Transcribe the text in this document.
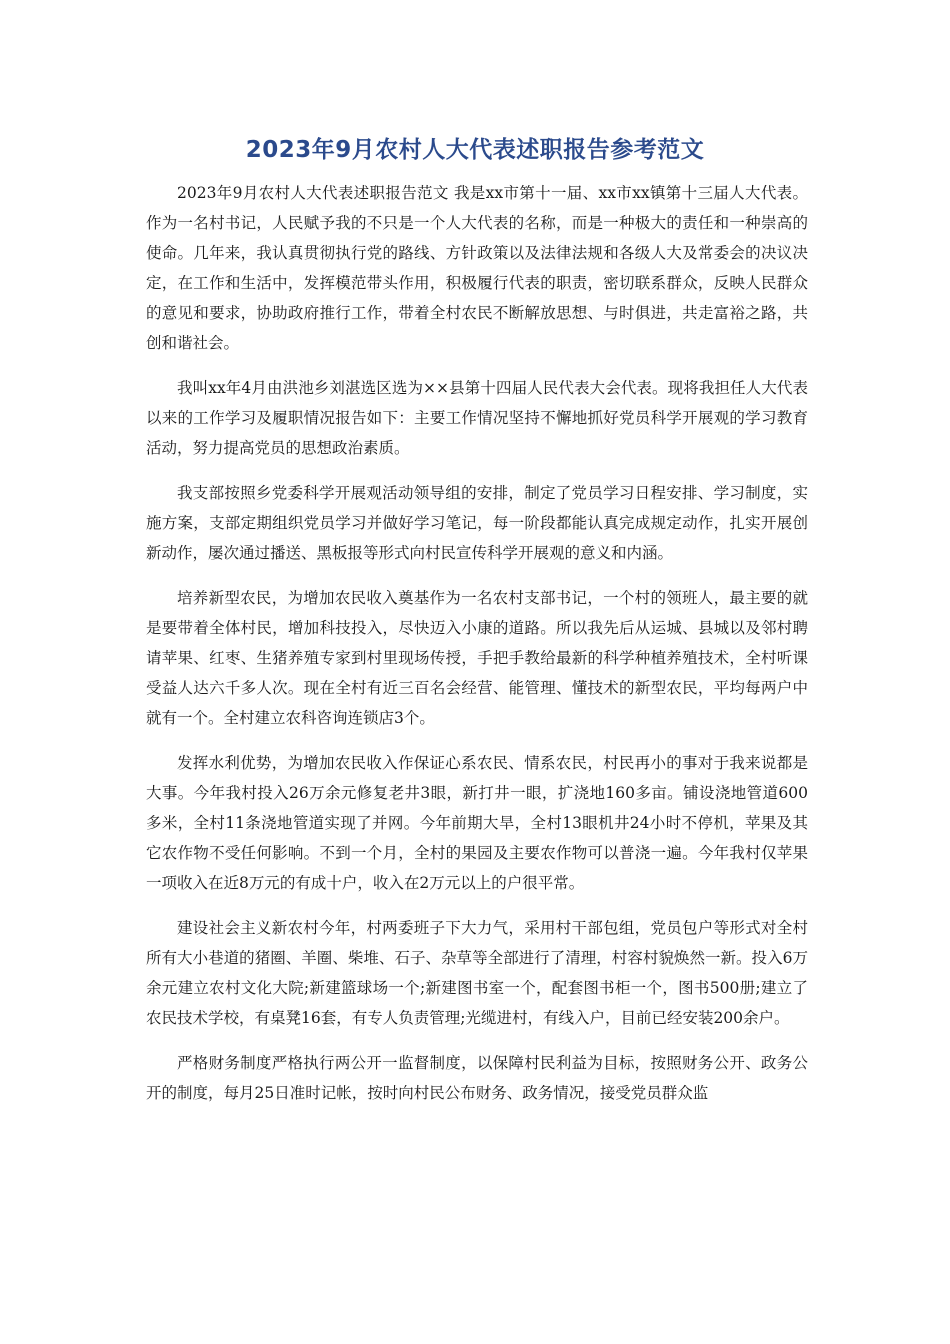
2023年9月农村人大代表述职报告参考范文

2023年9月农村人大代表述职报告范文 我是xx市第十一届、xx市xx镇第十三届人大代表。作为一名村书记，人民赋予我的不只是一个人大代表的名称，而是一种极大的责任和一种崇高的使命。几年来，我认真贯彻执行党的路线、方针政策以及法律法规和各级人大及常委会的决议决定，在工作和生活中，发挥模范带头作用，积极履行代表的职责，密切联系群众，反映人民群众的意见和要求，协助政府推行工作，带着全村农民不断解放思想、与时俱进，共走富裕之路，共创和谐社会。

我叫xx年4月由洪池乡刘湛选区选为××县第十四届人民代表大会代表。现将我担任人大代表以来的工作学习及履职情况报告如下：主要工作情况坚持不懈地抓好党员科学开展观的学习教育活动，努力提高党员的思想政治素质。

我支部按照乡党委科学开展观活动领导组的安排，制定了党员学习日程安排、学习制度，实施方案，支部定期组织党员学习并做好学习笔记，每一阶段都能认真完成规定动作，扎实开展创新动作，屡次通过播送、黑板报等形式向村民宣传科学开展观的意义和内涵。

培养新型农民，为增加农民收入奠基作为一名农村支部书记，一个村的领班人，最主要的就是要带着全体村民，增加科技投入，尽快迈入小康的道路。所以我先后从运城、县城以及邻村聘请苹果、红枣、生猪养殖专家到村里现场传授，手把手教给最新的科学种植养殖技术，全村听课受益人达六千多人次。现在全村有近三百名会经营、能管理、懂技术的新型农民，平均每两户中就有一个。全村建立农科咨询连锁店3个。

发挥水利优势，为增加农民收入作保证心系农民、情系农民，村民再小的事对于我来说都是大事。今年我村投入26万余元修复老井3眼，新打井一眼，扩浇地160多亩。铺设浇地管道600多米，全村11条浇地管道实现了并网。今年前期大旱，全村13眼机井24小时不停机，苹果及其它农作物不受任何影响。不到一个月，全村的果园及主要农作物可以普浇一遍。今年我村仅苹果一项收入在近8万元的有成十户，收入在2万元以上的户很平常。

建设社会主义新农村今年，村两委班子下大力气，采用村干部包组，党员包户等形式对全村所有大小巷道的猪圈、羊圈、柴堆、石子、杂草等全部进行了清理，村容村貌焕然一新。投入6万余元建立农村文化大院;新建篮球场一个;新建图书室一个，配套图书柜一个，图书500册;建立了农民技术学校，有桌凳16套，有专人负责管理;光缆进村，有线入户，目前已经安装200余户。

严格财务制度严格执行两公开一监督制度，以保障村民利益为目标，按照财务公开、政务公开的制度，每月25日准时记帐，按时向村民公布财务、政务情况，接受党员群众监
